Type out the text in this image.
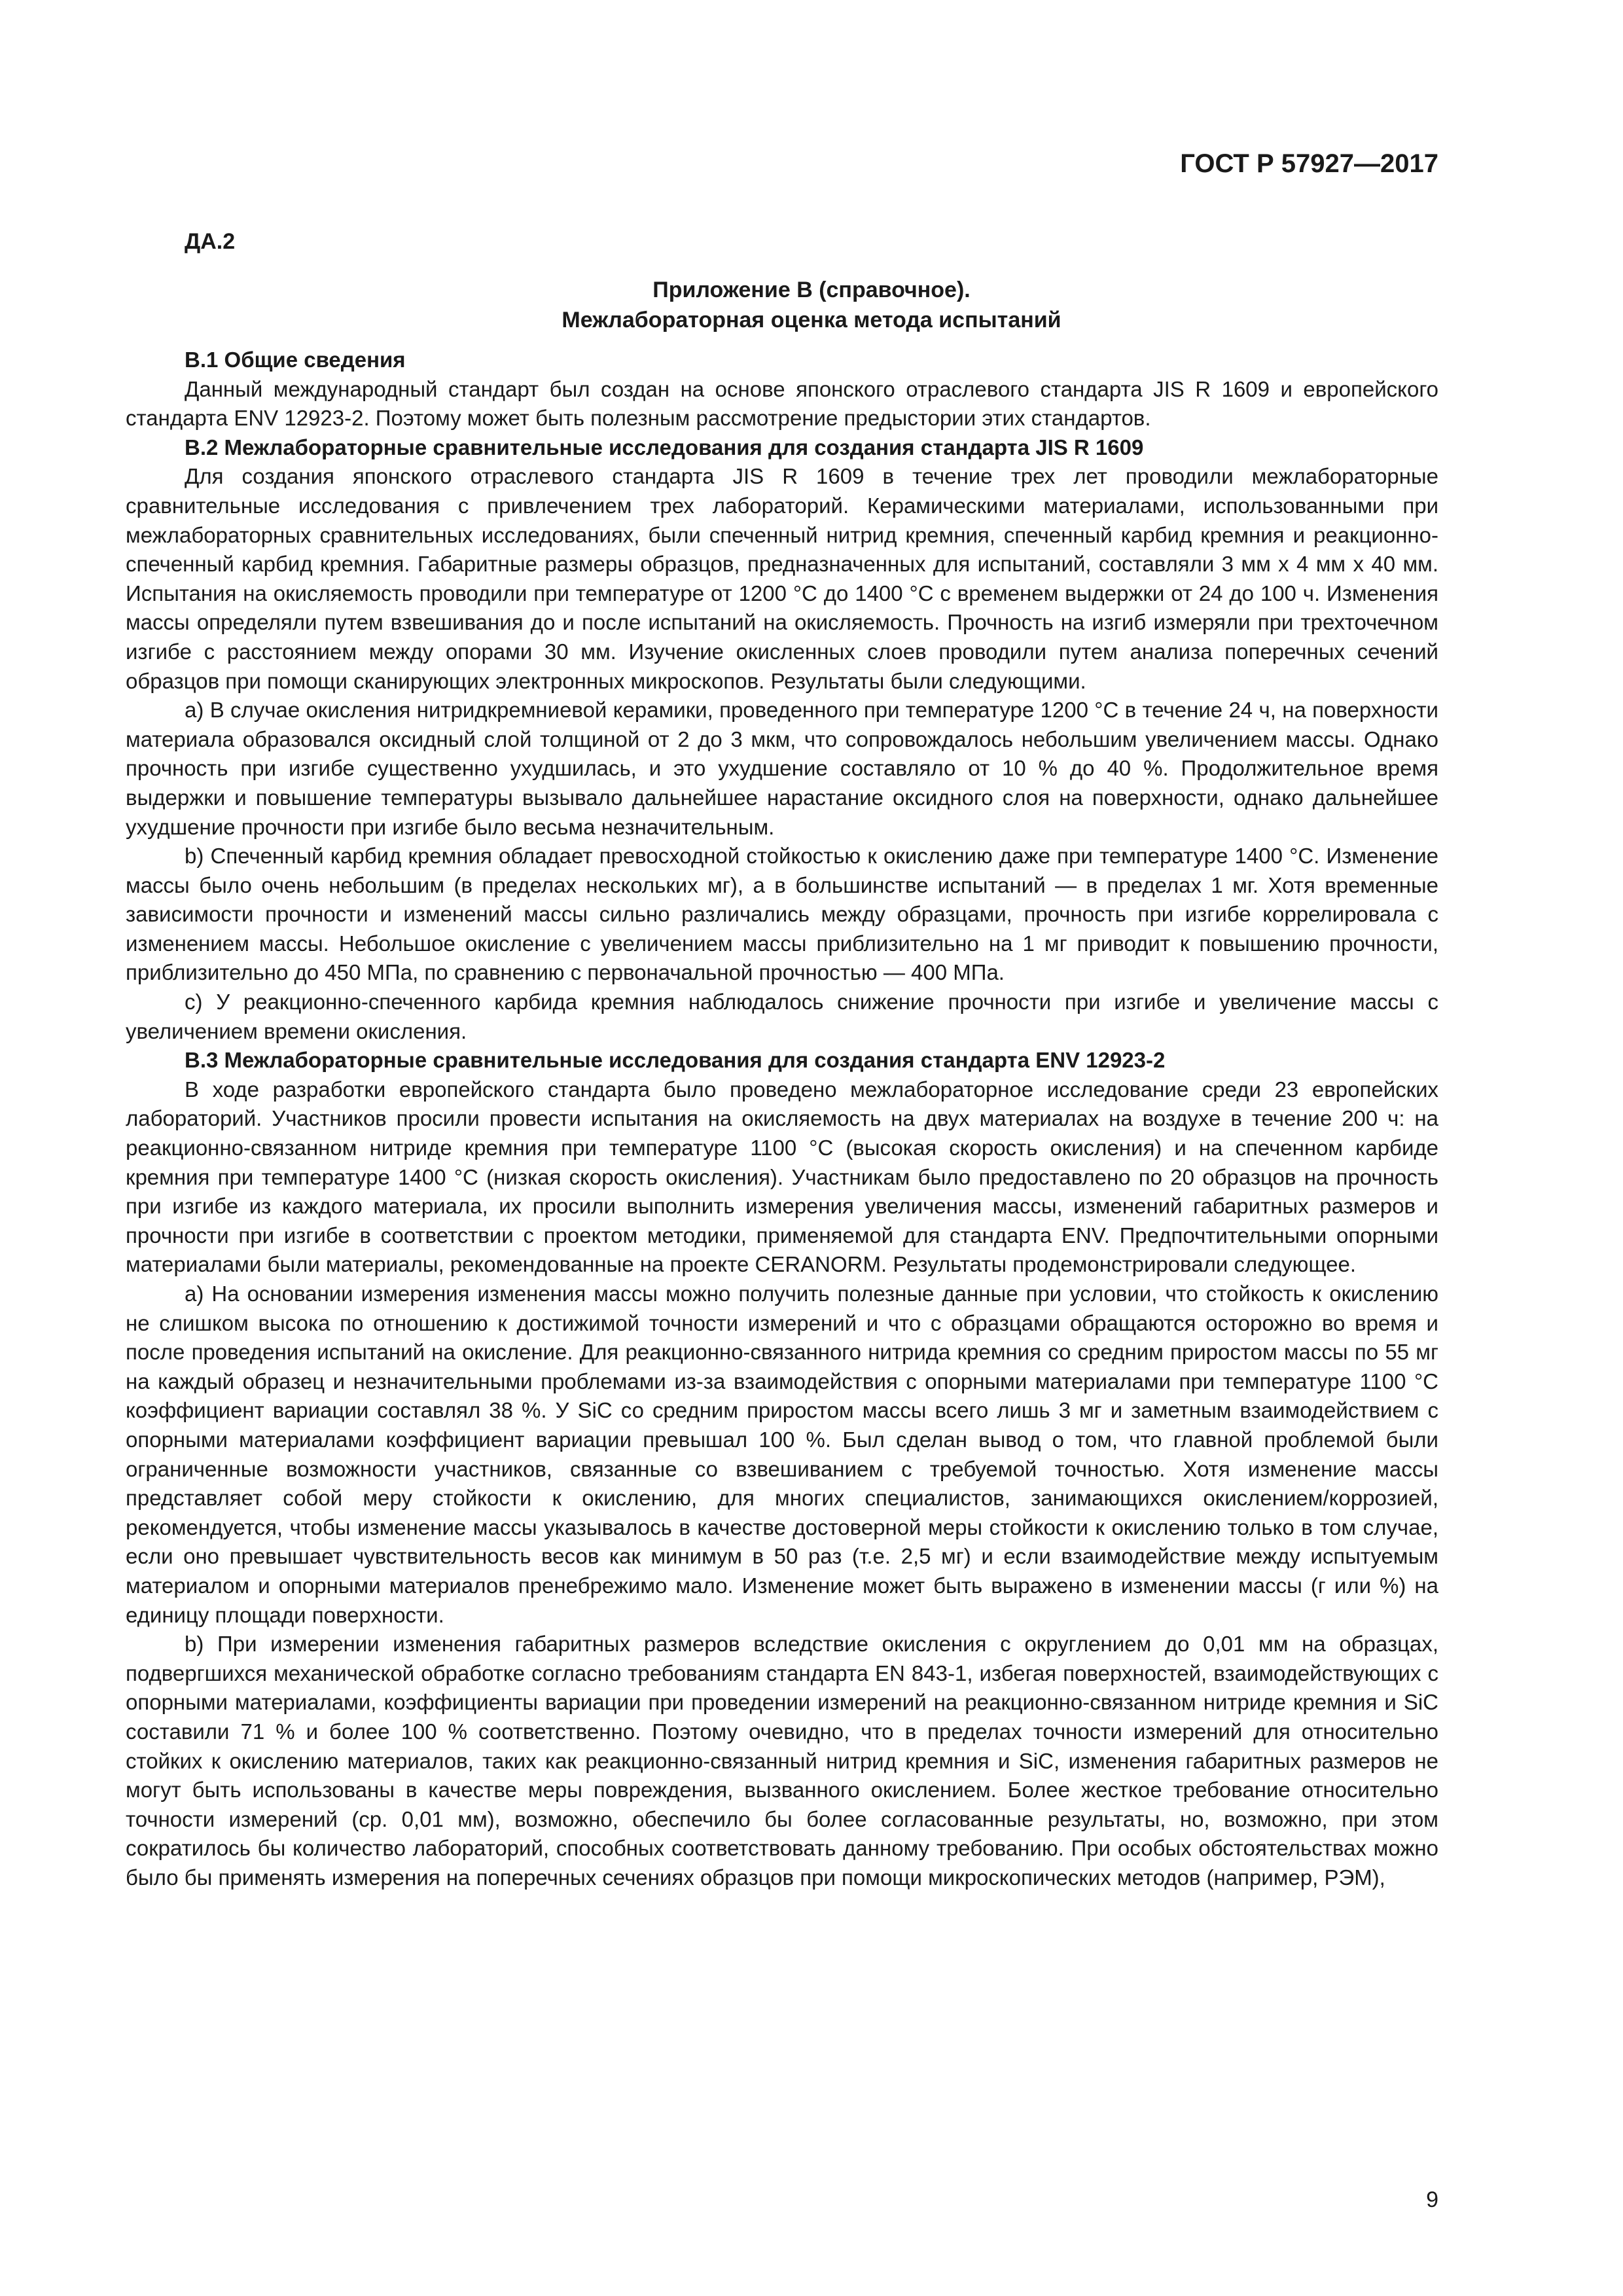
ГОСТ Р 57927—2017
ДА.2
Приложение В (справочное).
Межлабораторная оценка метода испытаний

В.1 Общие сведения

Данный международный стандарт был создан на основе японского отраслевого стандарта JIS R 1609 и европейского стандарта ENV 12923-2. Поэтому может быть полезным рассмотрение предыстории этих стандартов.

В.2 Межлабораторные сравнительные исследования для создания стандарта JIS R 1609

Для создания японского отраслевого стандарта JIS R 1609 в течение трех лет проводили межлабораторные сравнительные исследования с привлечением трех лабораторий. Керамическими материалами, использованными при межлабораторных сравнительных исследованиях, были спеченный нитрид кремния, спеченный карбид кремния и реакционно-спеченный карбид кремния. Габаритные размеры образцов, предназначенных для испытаний, составляли 3 мм x 4 мм x 40 мм. Испытания на окисляемость проводили при температуре от 1200 °C до 1400 °C с временем выдержки от 24 до 100 ч. Изменения массы определяли путем взвешивания до и после испытаний на окисляемость. Прочность на изгиб измеряли при трехточечном изгибе с расстоянием между опорами 30 мм. Изучение окисленных слоев проводили путем анализа поперечных сечений образцов при помощи сканирующих электронных микроскопов. Результаты были следующими.

а) В случае окисления нитридкремниевой керамики, проведенного при температуре 1200 °C в течение 24 ч, на поверхности материала образовался оксидный слой толщиной от 2 до 3 мкм, что сопровождалось небольшим увеличением массы. Однако прочность при изгибе существенно ухудшилась, и это ухудшение составляло от 10 % до 40 %. Продолжительное время выдержки и повышение температуры вызывало дальнейшее нарастание оксидного слоя на поверхности, однако дальнейшее ухудшение прочности при изгибе было весьма незначительным.

b) Спеченный карбид кремния обладает превосходной стойкостью к окислению даже при температуре 1400 °C. Изменение массы было очень небольшим (в пределах нескольких мг), а в большинстве испытаний — в пределах 1 мг. Хотя временные зависимости прочности и изменений массы сильно различались между образцами, прочность при изгибе коррелировала с изменением массы. Небольшое окисление с увеличением массы приблизительно на 1 мг приводит к повышению прочности, приблизительно до 450 МПа, по сравнению с первоначальной прочностью — 400 МПа.

c) У реакционно-спеченного карбида кремния наблюдалось снижение прочности при изгибе и увеличение массы с увеличением времени окисления.

В.3 Межлабораторные сравнительные исследования для создания стандарта ENV 12923-2

В ходе разработки европейского стандарта было проведено межлабораторное исследование среди 23 европейских лабораторий. Участников просили провести испытания на окисляемость на двух материалах на воздухе в течение 200 ч: на реакционно-связанном нитриде кремния при температуре 1100 °C (высокая скорость окисления) и на спеченном карбиде кремния при температуре 1400 °C (низкая скорость окисления). Участникам было предоставлено по 20 образцов на прочность при изгибе из каждого материала, их просили выполнить измерения увеличения массы, изменений габаритных размеров и прочности при изгибе в соответствии с проектом методики, применяемой для стандарта ENV. Предпочтительными опорными материалами были материалы, рекомендованные на проекте CERANORM. Результаты продемонстрировали следующее.

а) На основании измерения изменения массы можно получить полезные данные при условии, что стойкость к окислению не слишком высока по отношению к достижимой точности измерений и что с образцами обращаются осторожно во время и после проведения испытаний на окисление. Для реакционно-связанного нитрида кремния со средним приростом массы по 55 мг на каждый образец и незначительными проблемами из-за взаимодействия с опорными материалами при температуре 1100 °C коэффициент вариации составлял 38 %. У SiC со средним приростом массы всего лишь 3 мг и заметным взаимодействием с опорными материалами коэффициент вариации превышал 100 %. Был сделан вывод о том, что главной проблемой были ограниченные возможности участников, связанные со взвешиванием с требуемой точностью. Хотя изменение массы представляет собой меру стойкости к окислению, для многих специалистов, занимающихся окислением/коррозией, рекомендуется, чтобы изменение массы указывалось в качестве достоверной меры стойкости к окислению только в том случае, если оно превышает чувствительность весов как минимум в 50 раз (т.е. 2,5 мг) и если взаимодействие между испытуемым материалом и опорными материалов пренебрежимо мало. Изменение может быть выражено в изменении массы (г или %) на единицу площади поверхности.

b) При измерении изменения габаритных размеров вследствие окисления с округлением до 0,01 мм на образцах, подвергшихся механической обработке согласно требованиям стандарта EN 843-1, избегая поверхностей, взаимодействующих с опорными материалами, коэффициенты вариации при проведении измерений на реакционно-связанном нитриде кремния и SiC составили 71 % и более 100 % соответственно. Поэтому очевидно, что в пределах точности измерений для относительно стойких к окислению материалов, таких как реакционно-связанный нитрид кремния и SiC, изменения габаритных размеров не могут быть использованы в качестве меры повреждения, вызванного окислением. Более жесткое требование относительно точности измерений (ср. 0,01 мм), возможно, обеспечило бы более согласованные результаты, но, возможно, при этом сократилось бы количество лабораторий, способных соответствовать данному требованию. При особых обстоятельствах можно было бы применять измерения на поперечных сечениях образцов при помощи микроскопических методов (например, РЭМ),

9
